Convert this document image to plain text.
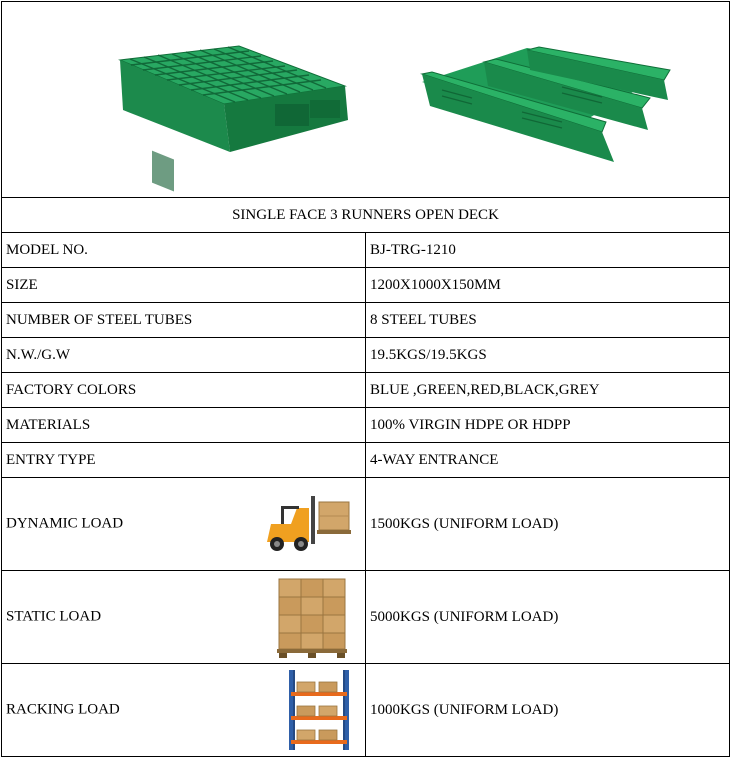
SINGLE FACE 3 RUNNERS OPEN DECK	
MODEL NO.	BJ-TRG-1210
SIZE	1200X1000X150MM
NUMBER OF STEEL TUBES	8 STEEL TUBES
N.W./G.W	19.5KGS/19.5KGS
FACTORY COLORS	BLUE ,GREEN,RED,BLACK,GREY
MATERIALS	100% VIRGIN HDPE OR HDPP
ENTRY TYPE	4-WAY ENTRANCE

DYNAMIC LOAD	1500KGS (UNIFORM LOAD)

STATIC LOAD	5000KGS (UNIFORM LOAD)

RACKING LOAD	1000KGS (UNIFORM LOAD)
